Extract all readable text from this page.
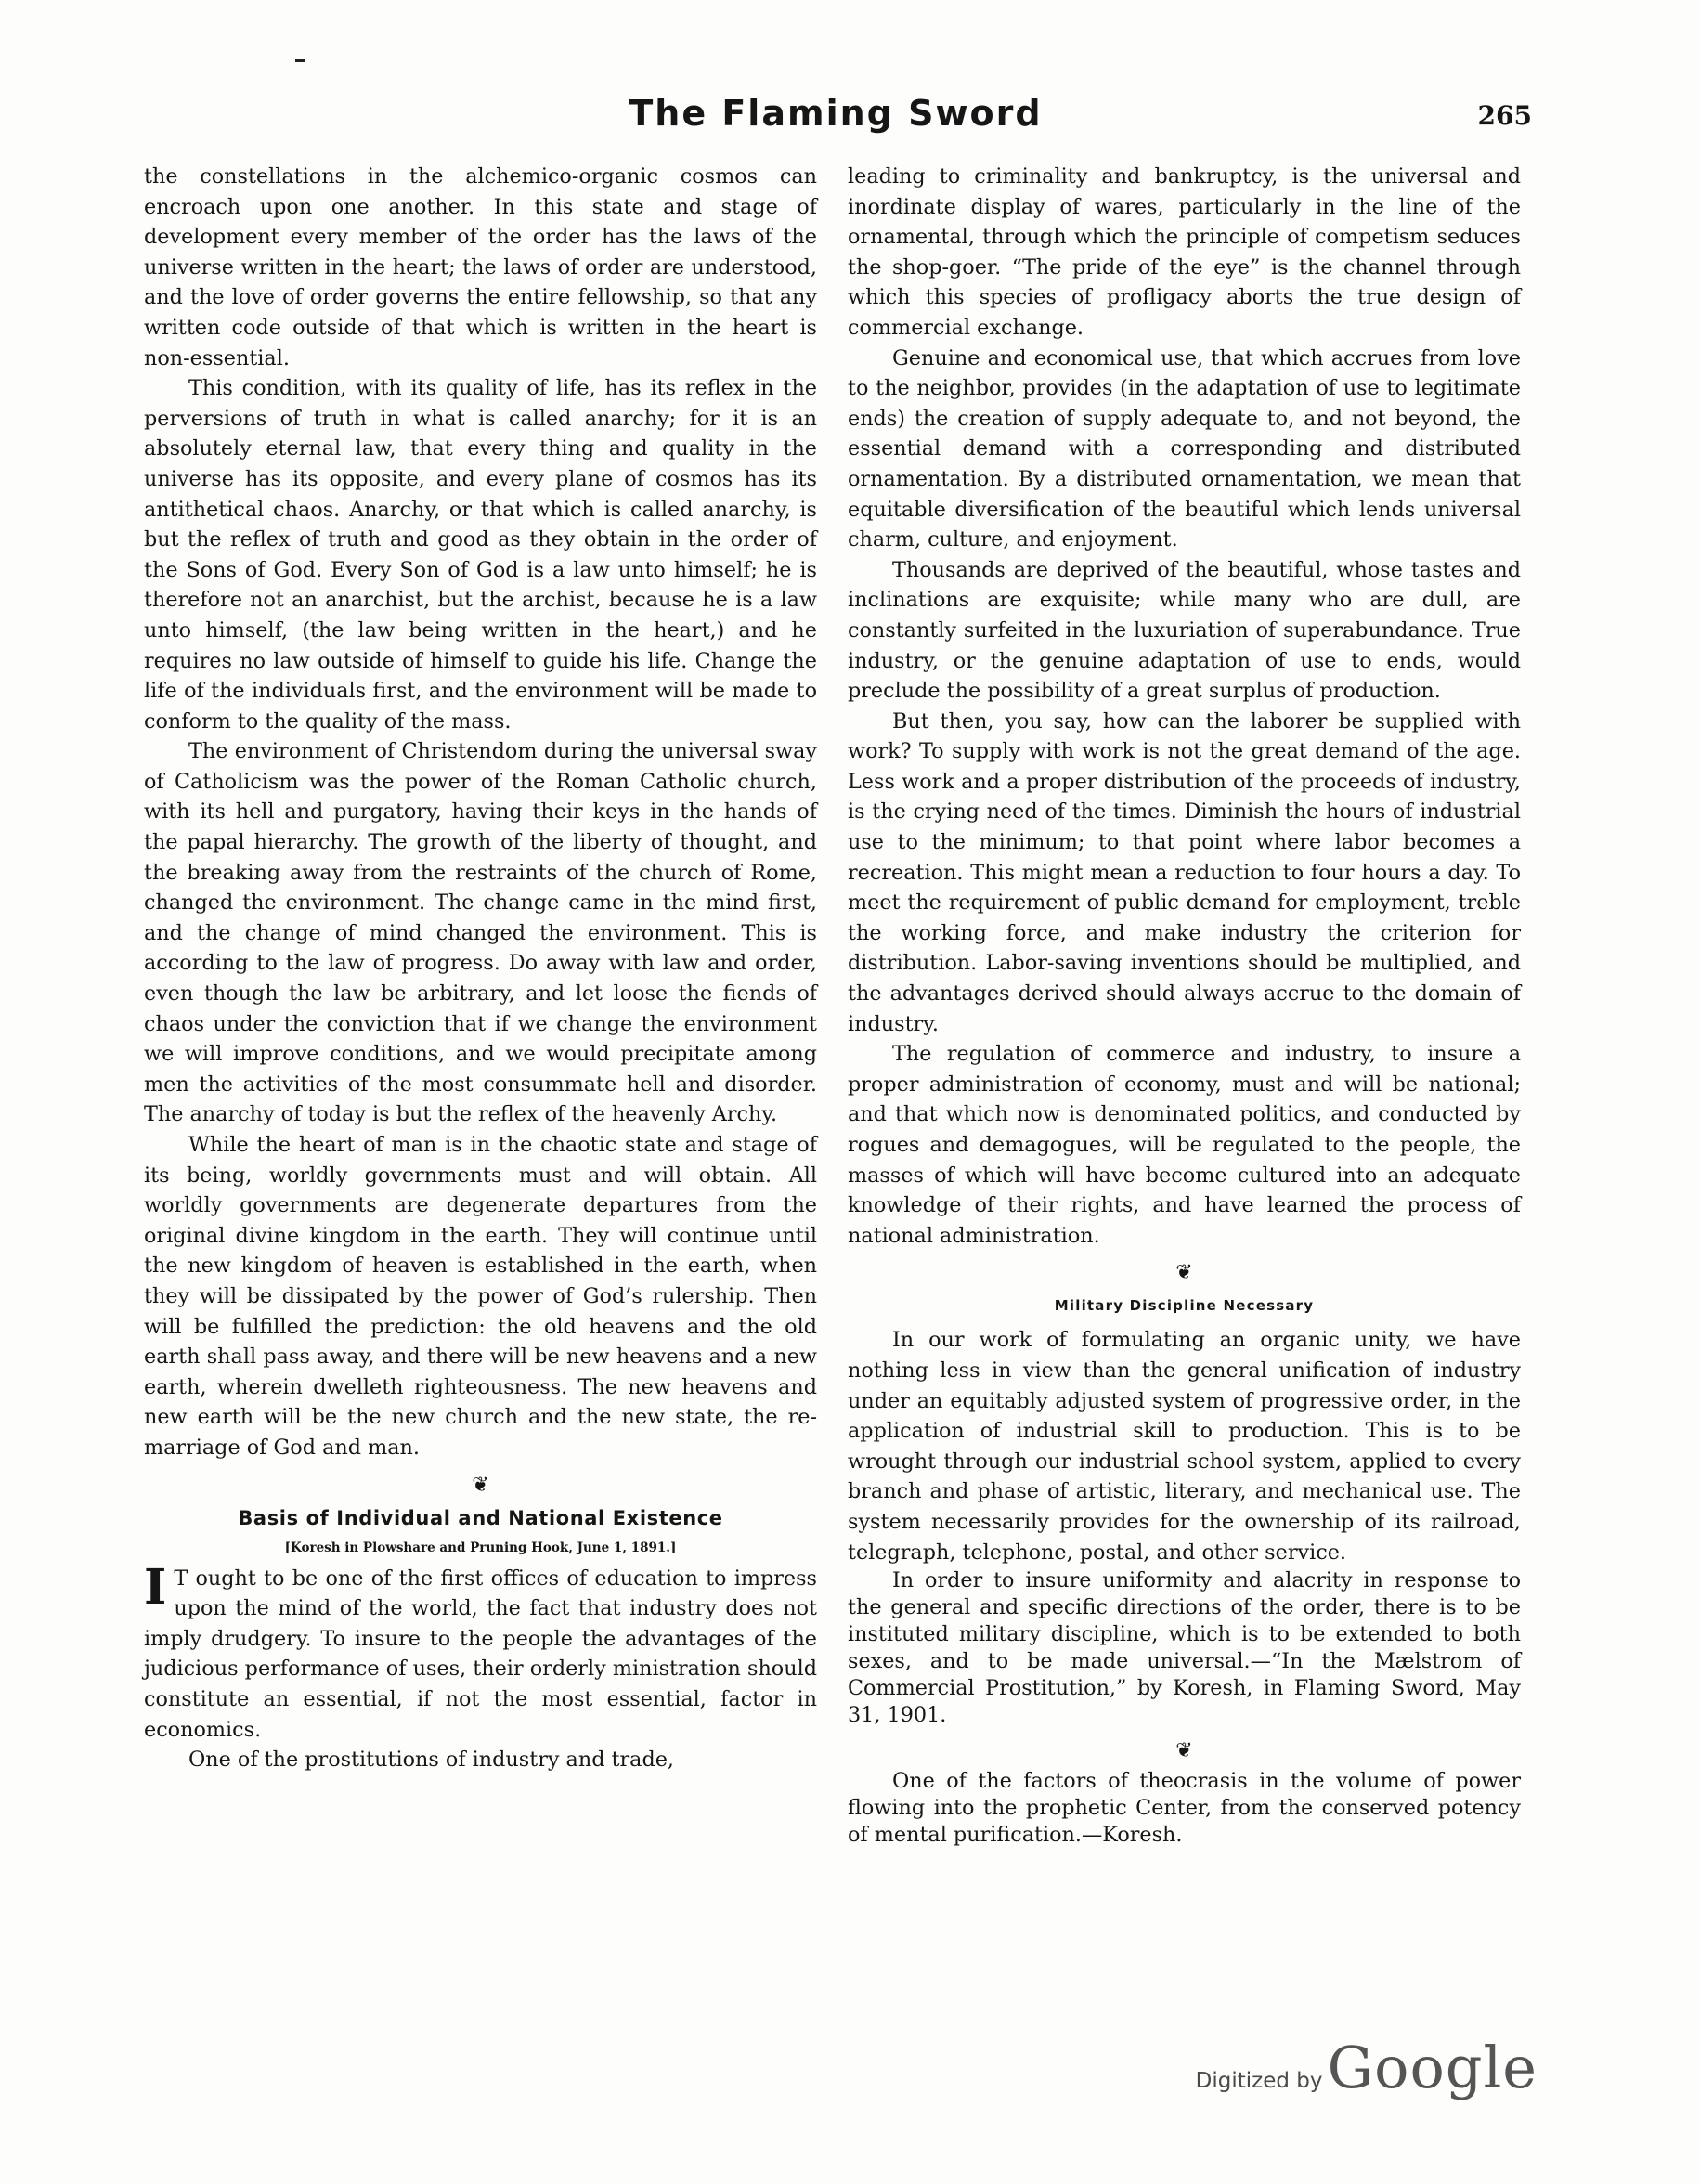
The Flaming Sword	265

the constellations in the alchemico-organic cosmos can encroach upon one another. In this state and stage of development every member of the order has the laws of the universe written in the heart; the laws of order are understood, and the love of order governs the entire fellowship, so that any written code outside of that which is written in the heart is non-essential.

This condition, with its quality of life, has its reflex in the perversions of truth in what is called anarchy; for it is an absolutely eternal law, that every thing and quality in the universe has its opposite, and every plane of cosmos has its antithetical chaos. Anarchy, or that which is called anarchy, is but the reflex of truth and good as they obtain in the order of the Sons of God. Every Son of God is a law unto himself; he is therefore not an anarchist, but the archist, because he is a law unto himself, (the law being written in the heart,) and he requires no law outside of himself to guide his life. Change the life of the individuals first, and the environment will be made to conform to the quality of the mass.

The environment of Christendom during the universal sway of Catholicism was the power of the Roman Catholic church, with its hell and purgatory, having their keys in the hands of the papal hierarchy. The growth of the liberty of thought, and the breaking away from the restraints of the church of Rome, changed the environment. The change came in the mind first, and the change of mind changed the environment. This is according to the law of progress. Do away with law and order, even though the law be arbitrary, and let loose the fiends of chaos under the conviction that if we change the environment we will improve conditions, and we would precipitate among men the activities of the most consummate hell and disorder. The anarchy of today is but the reflex of the heavenly Archy.

While the heart of man is in the chaotic state and stage of its being, worldly governments must and will obtain. All worldly governments are degenerate departures from the original divine kingdom in the earth. They will continue until the new kingdom of heaven is established in the earth, when they will be dissipated by the power of God’s rulership. Then will be fulfilled the prediction: the old heavens and the old earth shall pass away, and there will be new heavens and a new earth, wherein dwelleth righteousness. The new heavens and new earth will be the new church and the new state, the re-marriage of God and man.

❦
Basis of Individual and National Existence
[Koresh in Plowshare and Pruning Hook, June 1, 1891.]

I T ought to be one of the first offices of education to impress upon the mind of the world, the fact that industry does not imply drudgery. To insure to the people the advantages of the judicious performance of uses, their orderly ministration should constitute an essential, if not the most essential, factor in economics.

One of the prostitutions of industry and trade,

leading to criminality and bankruptcy, is the universal and inordinate display of wares, particularly in the line of the ornamental, through which the principle of competism seduces the shop-goer. “The pride of the eye” is the channel through which this species of profligacy aborts the true design of commercial exchange.

Genuine and economical use, that which accrues from love to the neighbor, provides (in the adaptation of use to legitimate ends) the creation of supply adequate to, and not beyond, the essential demand with a corresponding and distributed ornamentation. By a distributed ornamentation, we mean that equitable diversification of the beautiful which lends universal charm, culture, and enjoyment.

Thousands are deprived of the beautiful, whose tastes and inclinations are exquisite; while many who are dull, are constantly surfeited in the luxuriation of superabundance. True industry, or the genuine adaptation of use to ends, would preclude the possibility of a great surplus of production.

But then, you say, how can the laborer be supplied with work? To supply with work is not the great demand of the age. Less work and a proper distribution of the proceeds of industry, is the crying need of the times. Diminish the hours of industrial use to the minimum; to that point where labor becomes a recreation. This might mean a reduction to four hours a day. To meet the requirement of public demand for employment, treble the working force, and make industry the criterion for distribution. Labor-saving inventions should be multiplied, and the advantages derived should always accrue to the domain of industry.

The regulation of commerce and industry, to insure a proper administration of economy, must and will be national; and that which now is denominated politics, and conducted by rogues and demagogues, will be regulated to the people, the masses of which will have become cultured into an adequate knowledge of their rights, and have learned the process of national administration.

❦
Military Discipline Necessary

In our work of formulating an organic unity, we have nothing less in view than the general unification of industry under an equitably adjusted system of progressive order, in the application of industrial skill to production. This is to be wrought through our industrial school system, applied to every branch and phase of artistic, literary, and mechanical use. The system necessarily provides for the ownership of its railroad, telegraph, telephone, postal, and other service.

In order to insure uniformity and alacrity in response to the general and specific directions of the order, there is to be instituted military discipline, which is to be extended to both sexes, and to be made universal.—“In the Mælstrom of Commercial Prostitution,” by Koresh, in Flaming Sword, May 31, 1901.

❦

One of the factors of theocrasis in the volume of power flowing into the prophetic Center, from the conserved potency of mental purification.—Koresh.

Digitized by Google
